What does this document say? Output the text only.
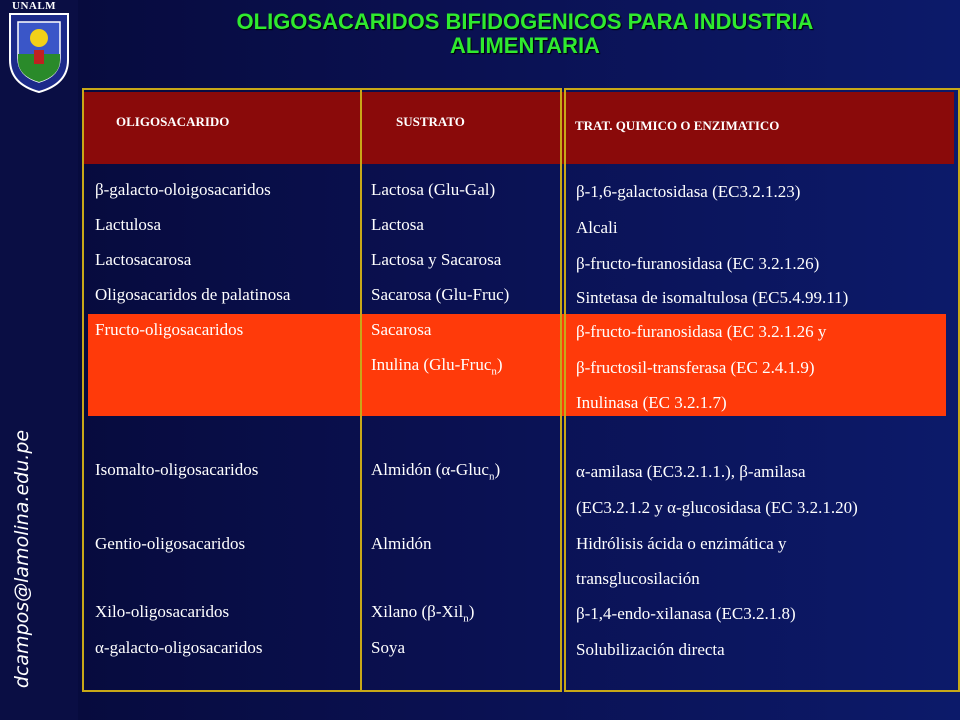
UNALM
dcampos@lamolina.edu.pe
OLIGOSACARIDOS BIFIDOGENICOS PARA INDUSTRIA
ALIMENTARIA
OLIGOSACARIDO	SUSTRATO	TRAT. QUIMICO O ENZIMATICO
β-galacto-oloigosacaridos
Lactulosa
Lactosacarosa
Oligosacaridos de palatinosa
Fructo-oligosacaridos
Isomalto-oligosacaridos
Gentio-oligosacaridos
Xilo-oligosacaridos
α-galacto-oligosacaridos
Lactosa (Glu-Gal)
Lactosa
Lactosa y Sacarosa
Sacarosa (Glu-Fruc)
Sacarosa
Inulina (Glu-Fruc$_n$)
Almidón (α-Gluc$_n$)
Almidón
Xilano (β-Xil$_n$)
Soya
β-1,6-galactosidasa (EC3.2.1.23)
Alcali
β-fructo-furanosidasa (EC 3.2.1.26)
Sintetasa de isomaltulosa (EC5.4.99.11)
β-fructo-furanosidasa (EC 3.2.1.26 y
β-fructosil-transferasa (EC 2.4.1.9)
Inulinasa (EC 3.2.1.7)
α-amilasa (EC3.2.1.1.), β-amilasa
(EC3.2.1.2 y α-glucosidasa (EC 3.2.1.20)
Hidrólisis ácida o enzimática y
transglucosilación
β-1,4-endo-xilanasa (EC3.2.1.8)
Solubilización directa
